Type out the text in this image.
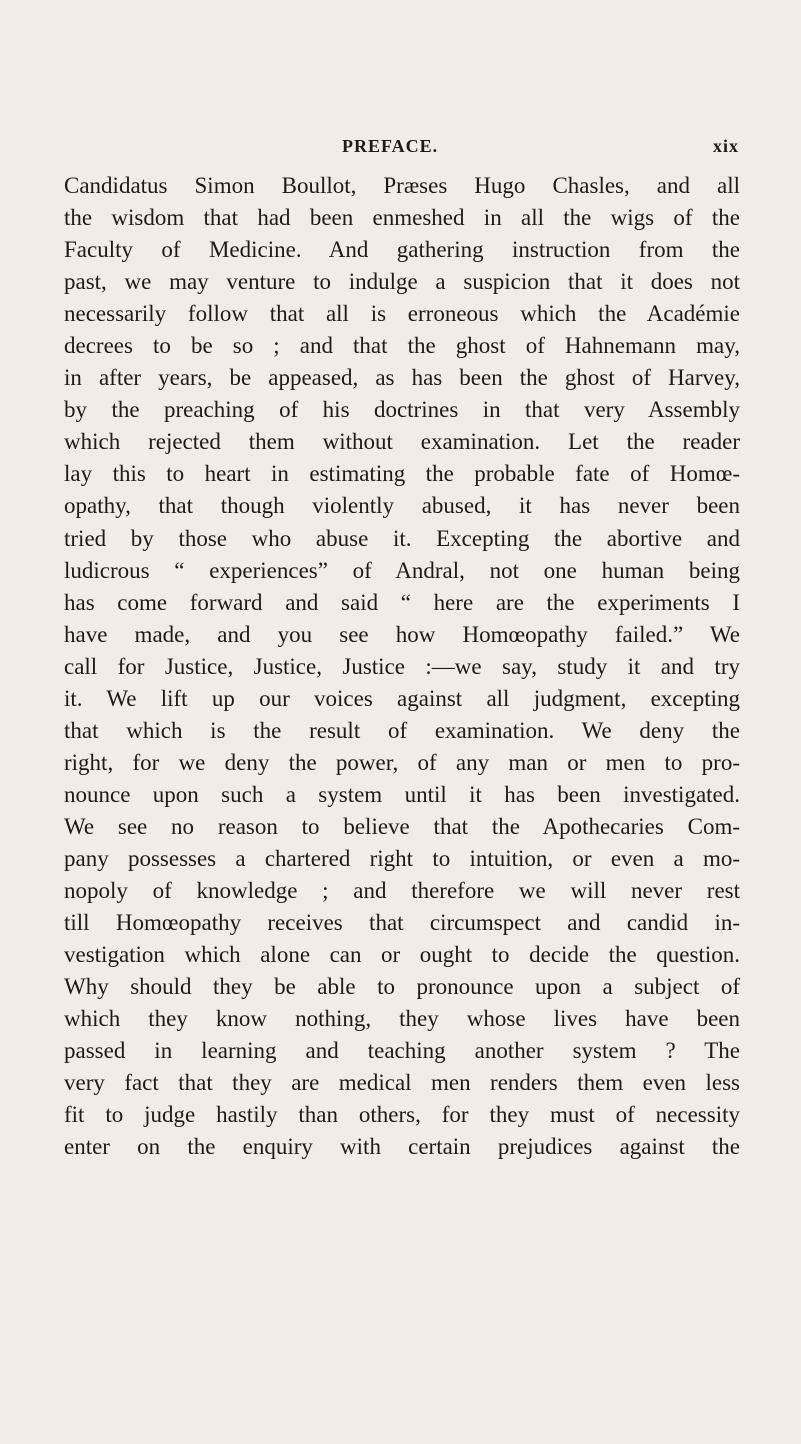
PREFACE.	xix
Candidatus Simon Boullot, Præses Hugo Chasles, and all
the wisdom that had been enmeshed in all the wigs of the
Faculty of Medicine. And gathering instruction from the
past, we may venture to indulge a suspicion that it does not
necessarily follow that all is erroneous which the Académie
decrees to be so ; and that the ghost of Hahnemann may,
in after years, be appeased, as has been the ghost of Harvey,
by the preaching of his doctrines in that very Assembly
which rejected them without examination. Let the reader
lay this to heart in estimating the probable fate of Homœ-
opathy, that though violently abused, it has never been
tried by those who abuse it. Excepting the abortive and
ludicrous “ experiences” of Andral, not one human being
has come forward and said “ here are the experiments I
have made, and you see how Homœopathy failed.” We
call for Justice, Justice, Justice :—we say, study it and try
it. We lift up our voices against all judgment, excepting
that which is the result of examination. We deny the
right, for we deny the power, of any man or men to pro-
nounce upon such a system until it has been investigated.
We see no reason to believe that the Apothecaries Com-
pany possesses a chartered right to intuition, or even a mo-
nopoly of knowledge ; and therefore we will never rest
till Homœopathy receives that circumspect and candid in-
vestigation which alone can or ought to decide the question.
Why should they be able to pronounce upon a subject of
which they know nothing, they whose lives have been
passed in learning and teaching another system ? The
very fact that they are medical men renders them even less
fit to judge hastily than others, for they must of necessity
enter on the enquiry with certain prejudices against the
